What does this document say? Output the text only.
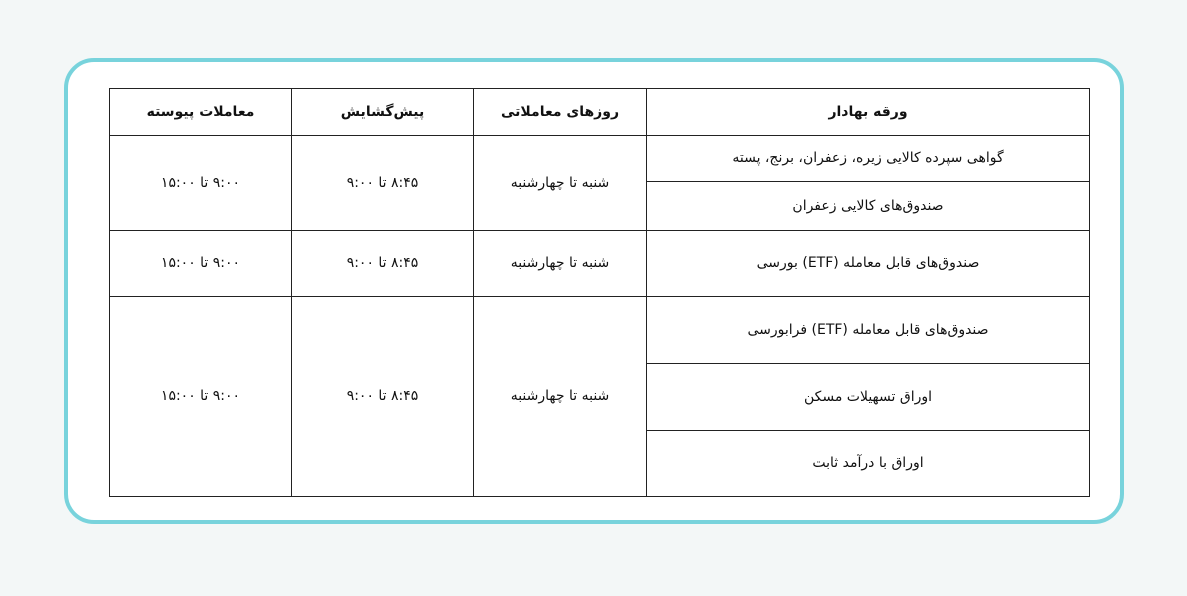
ورقه بهادار	روزهای معاملاتی	پیش‌گشایش	معاملات پیوسته
گواهی سپرده کالایی زیره، زعفران، برنج، پسته	شنبه تا چهارشنبه	۸:۴۵ تا ۹:۰۰	۹:۰۰ تا ۱۵:۰۰
صندوق‌های کالایی زعفران			
صندوق‌های قابل معامله (ETF) بورسی	شنبه تا چهارشنبه	۸:۴۵ تا ۹:۰۰	۹:۰۰ تا ۱۵:۰۰
صندوق‌های قابل معامله (ETF) فرابورسی	شنبه تا چهارشنبه	۸:۴۵ تا ۹:۰۰	۹:۰۰ تا ۱۵:۰۰
اوراق تسهیلات مسکن			
اوراق با درآمد ثابت			
